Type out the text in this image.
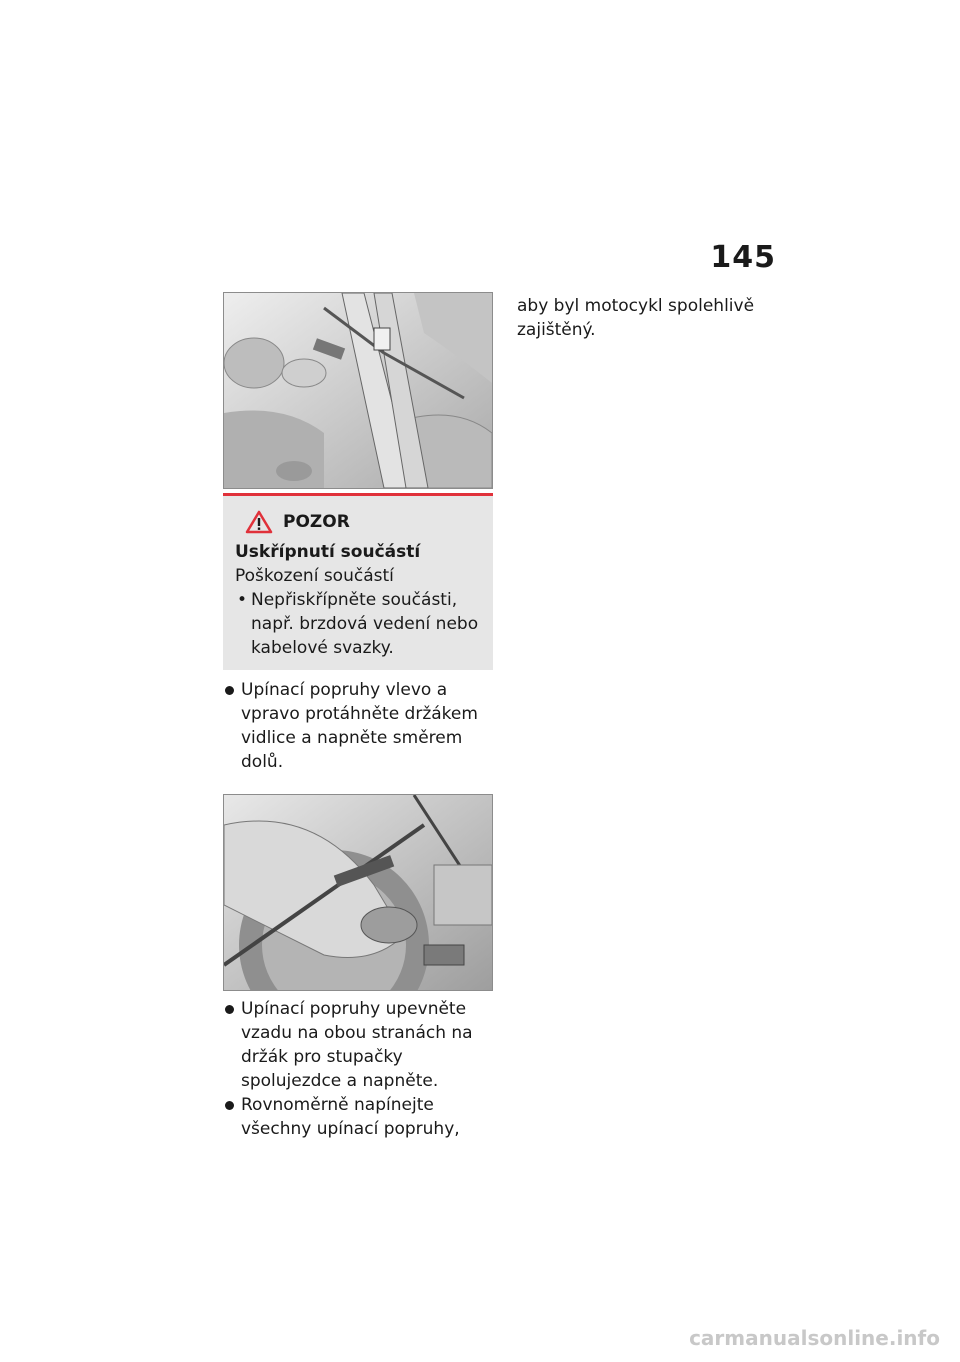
145
POZOR
Uskřípnutí součástí
Poškození součástí
• Nepřiskřípněte součásti, např. brzdová vedení nebo kabelové svazky.
Upínací popruhy vlevo a vpravo protáhněte držákem vidlice a napněte směrem dolů.
Upínací popruhy upevněte vzadu na obou stranách na držák pro stupačky spolujezdce a napněte.
Rovnoměrně napínejte všechny upínací popruhy,

aby byl motocykl spolehlivě zajištěný.

carmanualsonline.info
